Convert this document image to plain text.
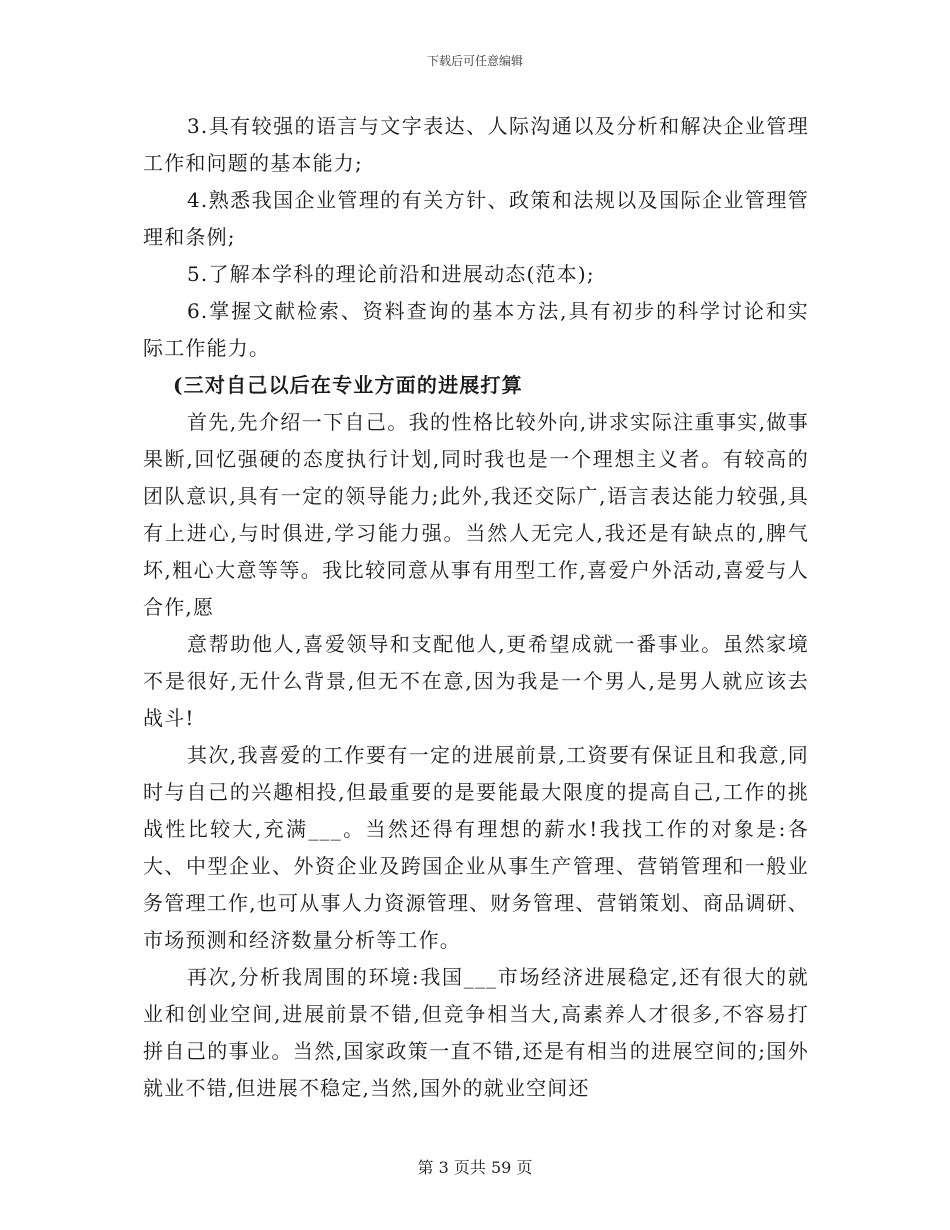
下载后可任意编辑

3.具有较强的语言与文字表达、人际沟通以及分析和解决企业管理工作和问题的基本能力;

4.熟悉我国企业管理的有关方针、政策和法规以及国际企业管理管理和条例;

5.了解本学科的理论前沿和进展动态(范本);

6.掌握文献检索、资料查询的基本方法,具有初步的科学讨论和实际工作能力。

(三对自己以后在专业方面的进展打算

首先,先介绍一下自己。我的性格比较外向,讲求实际注重事实,做事果断,回忆强硬的态度执行计划,同时我也是一个理想主义者。有较高的团队意识,具有一定的领导能力;此外,我还交际广,语言表达能力较强,具有上进心,与时俱进,学习能力强。当然人无完人,我还是有缺点的,脾气坏,粗心大意等等。我比较同意从事有用型工作,喜爱户外活动,喜爱与人合作,愿

意帮助他人,喜爱领导和支配他人,更希望成就一番事业。虽然家境不是很好,无什么背景,但无不在意,因为我是一个男人,是男人就应该去战斗!

其次,我喜爱的工作要有一定的进展前景,工资要有保证且和我意,同时与自己的兴趣相投,但最重要的是要能最大限度的提高自己,工作的挑战性比较大,充满___。当然还得有理想的薪水!我找工作的对象是:各大、中型企业、外资企业及跨国企业从事生产管理、营销管理和一般业务管理工作,也可从事人力资源管理、财务管理、营销策划、商品调研、市场预测和经济数量分析等工作。

再次,分析我周围的环境:我国___市场经济进展稳定,还有很大的就业和创业空间,进展前景不错,但竞争相当大,高素养人才很多,不容易打拼自己的事业。当然,国家政策一直不错,还是有相当的进展空间的;国外就业不错,但进展不稳定,当然,国外的就业空间还

第 3 页共 59 页
